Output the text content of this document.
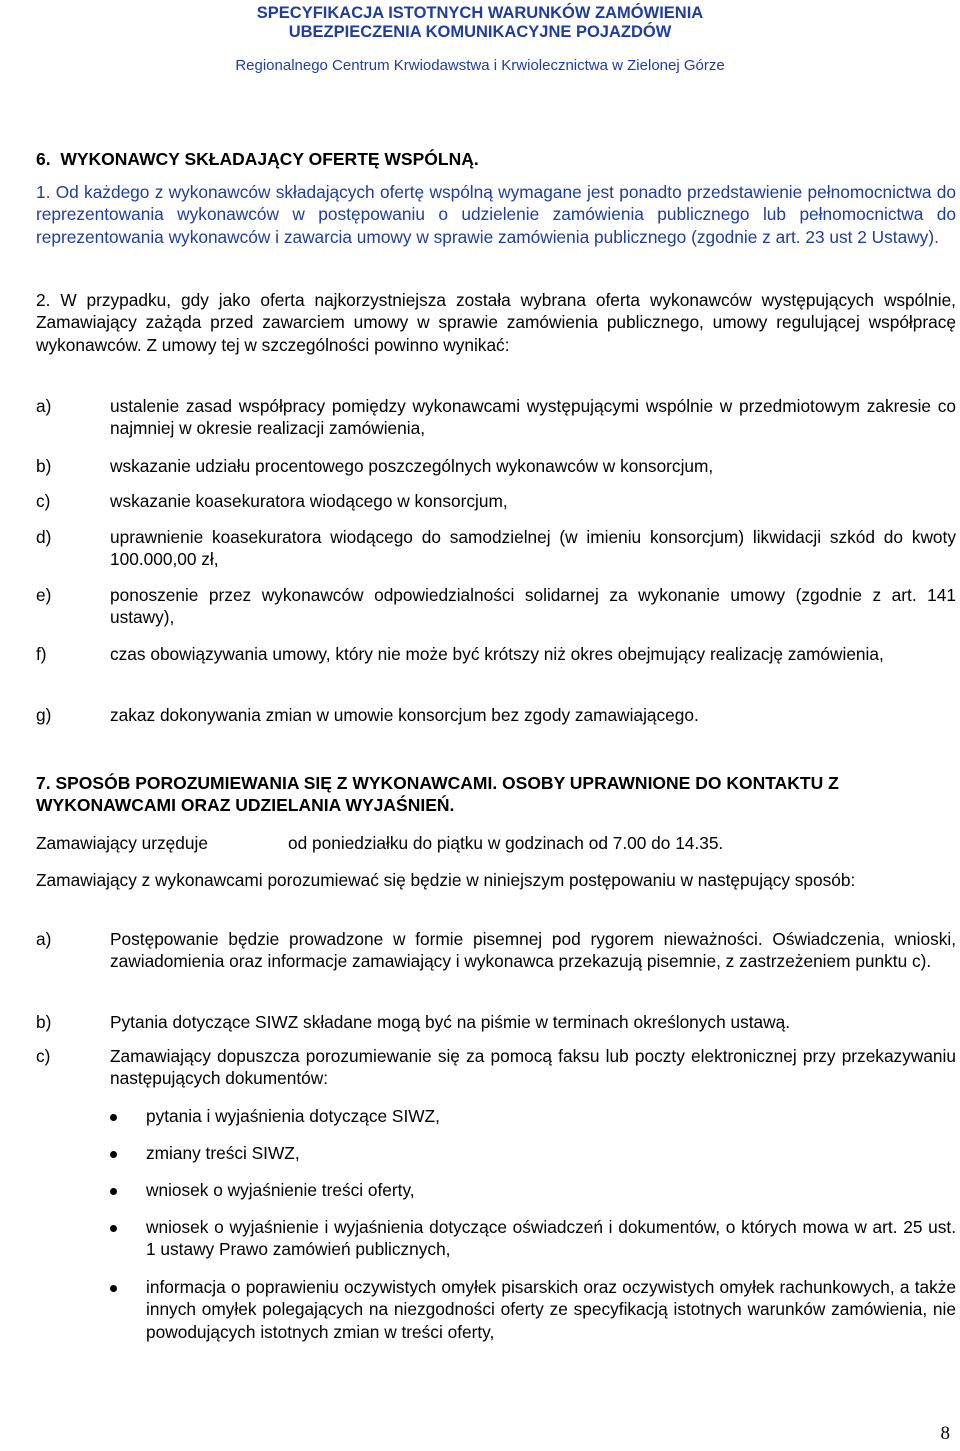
SPECYFIKACJA ISTOTNYCH WARUNKÓW ZAMÓWIENIA
UBEZPIECZENIA KOMUNIKACYJNE POJAZDÓW
Regionalnego Centrum Krwiodawstwa i Krwiolecznictwa w Zielonej Górze
6.  WYKONAWCY SKŁADAJĄCY OFERTĘ WSPÓLNĄ.
1. Od każdego z wykonawców składających ofertę wspólną wymagane jest ponadto przedstawienie pełnomocnictwa do reprezentowania wykonawców w postępowaniu o udzielenie zamówienia publicznego lub pełnomocnictwa do reprezentowania wykonawców i zawarcia umowy w sprawie zamówienia publicznego (zgodnie z art. 23 ust 2 Ustawy).
2. W przypadku, gdy jako oferta najkorzystniejsza została wybrana oferta wykonawców występujących wspólnie, Zamawiający zażąda przed zawarciem umowy w sprawie zamówienia publicznego, umowy regulującej współpracę wykonawców. Z umowy tej w szczególności powinno wynikać:
a)	ustalenie zasad współpracy pomiędzy wykonawcami występującymi wspólnie w przedmiotowym zakresie co najmniej w okresie realizacji zamówienia,
b)	wskazanie udziału procentowego poszczególnych wykonawców w konsorcjum,
c)	wskazanie koasekuratora wiodącego w konsorcjum,
d)	uprawnienie koasekuratora wiodącego do samodzielnej (w imieniu konsorcjum) likwidacji szkód do kwoty 100.000,00 zł,
e)	ponoszenie przez wykonawców odpowiedzialności solidarnej za wykonanie umowy (zgodnie z art. 141 ustawy),
f)	czas obowiązywania umowy, który nie może być krótszy niż okres obejmujący realizację zamówienia,
g)	zakaz dokonywania zmian w umowie konsorcjum bez zgody zamawiającego.
7. SPOSÓB POROZUMIEWANIA SIĘ Z WYKONAWCAMI. OSOBY UPRAWNIONE DO KONTAKTU Z WYKONAWCAMI ORAZ UDZIELANIA WYJAŚNIEŃ.
Zamawiający urzęduje	od poniedziałku do piątku w godzinach od 7.00 do 14.35.
Zamawiający z wykonawcami porozumiewać się będzie w niniejszym postępowaniu w następujący sposób:
a)	Postępowanie będzie prowadzone w formie pisemnej pod rygorem nieważności. Oświadczenia, wnioski, zawiadomienia oraz informacje zamawiający i wykonawca przekazują pisemnie, z zastrzeżeniem punktu c).
b)	Pytania dotyczące SIWZ składane mogą być na piśmie w terminach określonych ustawą.
c)	Zamawiający dopuszcza porozumiewanie się za pomocą faksu lub poczty elektronicznej przy przekazywaniu następujących dokumentów:
pytania i wyjaśnienia dotyczące SIWZ,
zmiany treści SIWZ,
wniosek o wyjaśnienie treści oferty,
wniosek o wyjaśnienie i wyjaśnienia dotyczące oświadczeń i dokumentów, o których mowa w art. 25 ust. 1 ustawy Prawo zamówień publicznych,
informacja o poprawieniu oczywistych omyłek pisarskich oraz oczywistych omyłek rachunkowych, a także innych omyłek polegających na niezgodności oferty ze specyfikacją istotnych warunków zamówienia, nie powodujących istotnych zmian w treści oferty,
8
